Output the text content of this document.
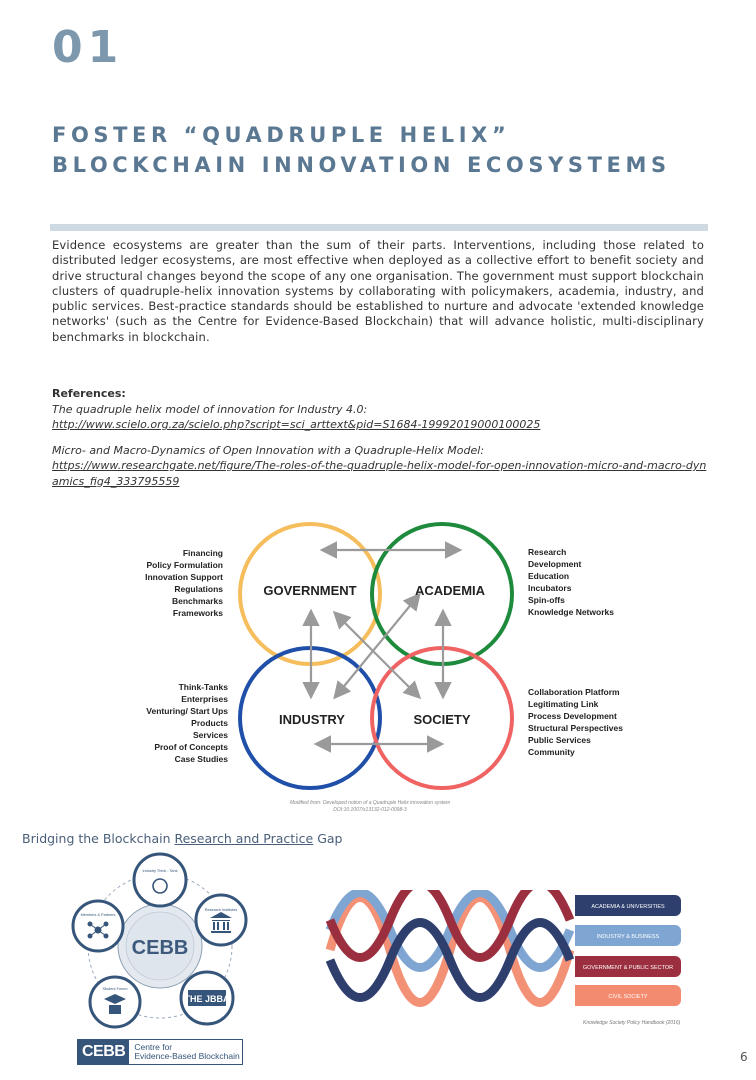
01
FOSTER “QUADRUPLE HELIX”
BLOCKCHAIN INNOVATION ECOSYSTEMS
Evidence ecosystems are greater than the sum of their parts. Interventions, including those related to distributed ledger ecosystems, are most effective when deployed as a collective effort to benefit society and drive structural changes beyond the scope of any one organisation. The government must support blockchain clusters of quadruple-helix innovation systems by collaborating with policymakers, academia, industry, and public services. Best-practice standards should be established to nurture and advocate 'extended knowledge networks' (such as the Centre for Evidence-Based Blockchain) that will advance holistic, multi-disciplinary benchmarks in blockchain.
References:
The quadruple helix model of innovation for Industry 4.0:
http://www.scielo.org.za/scielo.php?script=sci_arttext&pid=S1684-19992019000100025
Micro- and Macro-Dynamics of Open Innovation with a Quadruple-Helix Model:
https://www.researchgate.net/figure/The-roles-of-the-quadruple-helix-model-for-open-innovation-micro-and-macro-dynamics_fig4_333795559
GOVERNMENT	ACADEMIA
INDUSTRY	SOCIETY
Financing
Policy Formulation
Innovation Support
Regulations
Benchmarks
Frameworks
Think-Tanks
Enterprises
Venturing/ Start Ups
Products
Services
Proof of Concepts
Case Studies
Research
Development
Education
Incubators
Spin-offs
Knowledge Networks
Collaboration Platform
Legitimating Link
Process Development
Structural Perspectives
Public Services
Community
Modified from: Developed notion of a Quadruple Helix innovation system
DOI:10.1007/s13132-012-0098-3
Bridging the Blockchain Research and Practice Gap
CEBB
Industry Think - Tank
Research Institutes
THE JBBA
Student Forum
Members & Partners
CEBB	Centre for
Evidence-Based Blockchain
ACADEMIA & UNIVERSITIES
INDUSTRY & BUSINESS
GOVERNMENT & PUBLIC SECTOR
CIVIL SOCIETY
Knowledge Society Policy Handbook (2016)
6
